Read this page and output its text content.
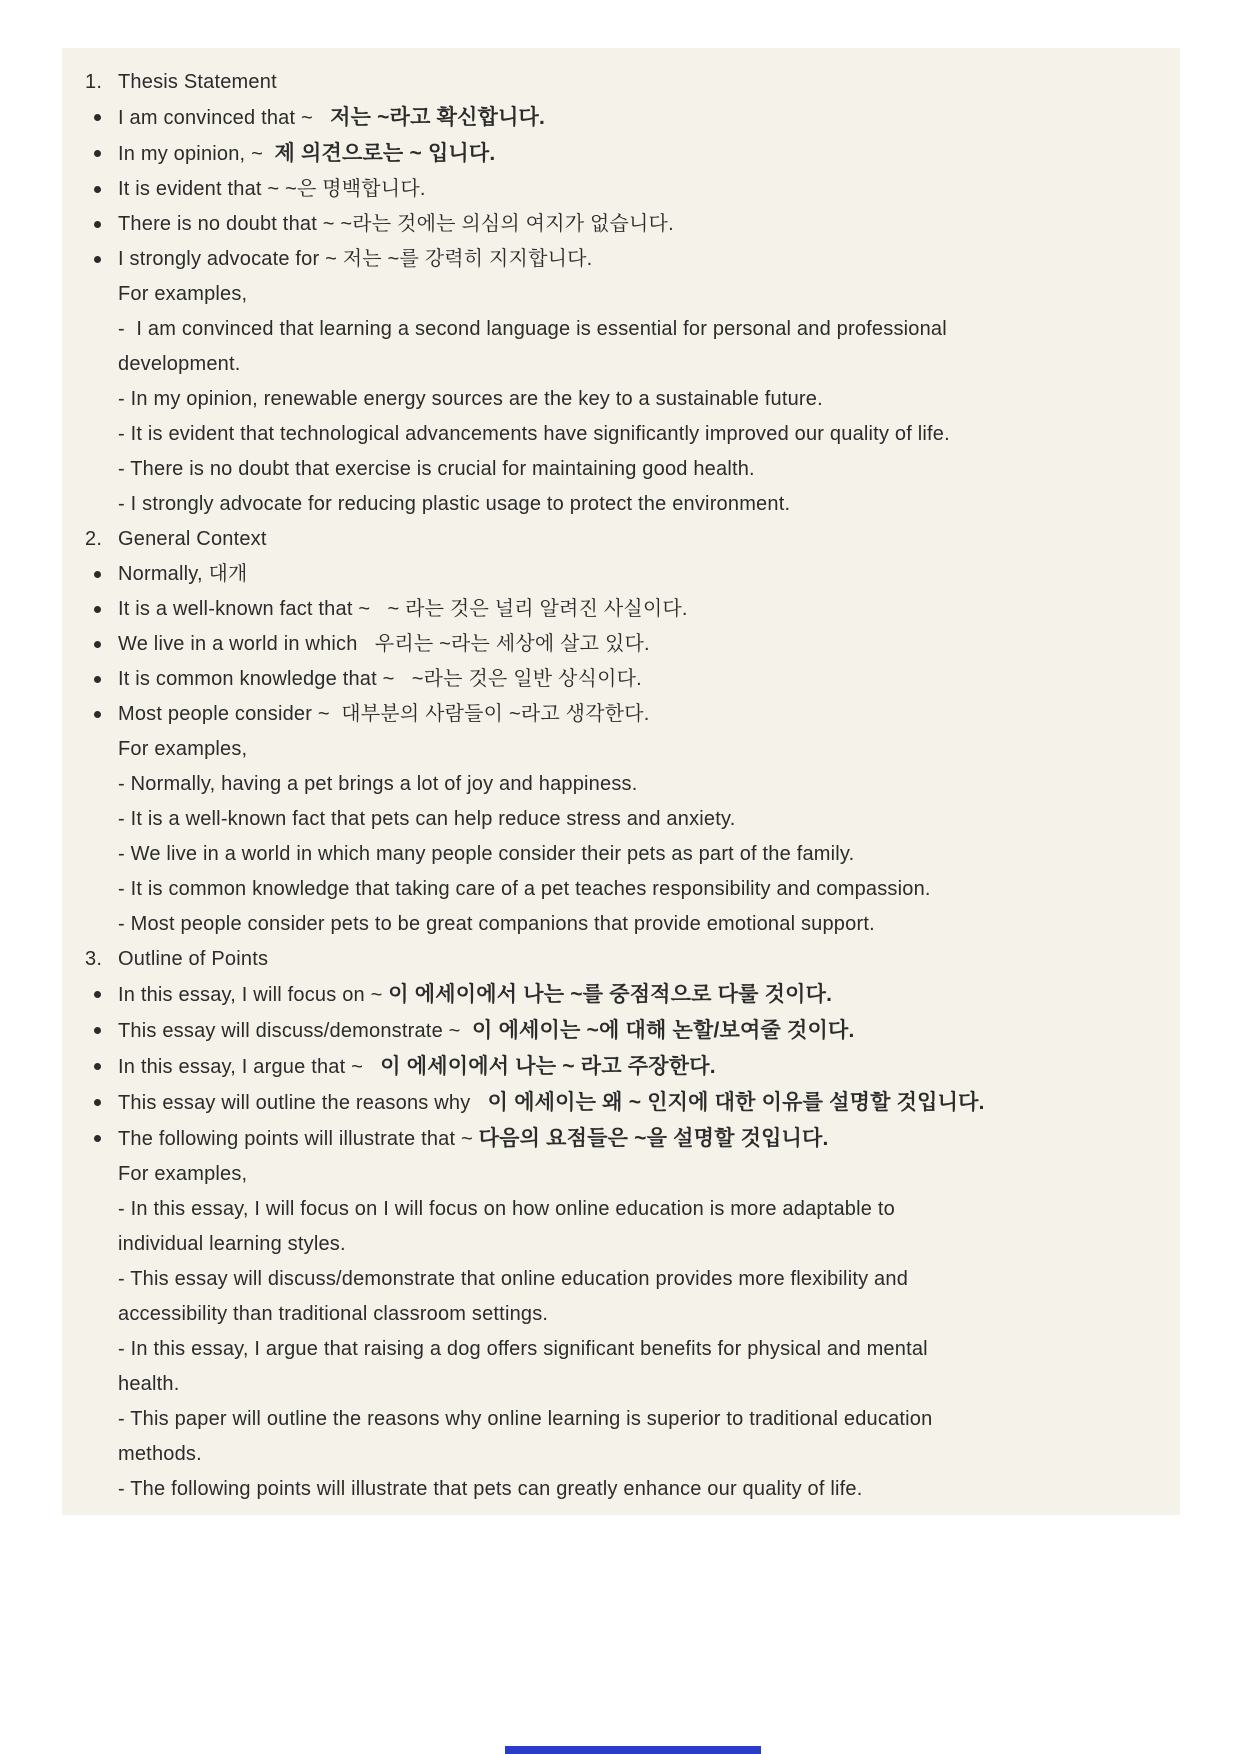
1. Thesis Statement
I am convinced that ~   저는 ~라고 확신합니다.
In my opinion, ~  제 의견으로는 ~ 입니다.
It is evident that ~ ~은 명백합니다.
There is no doubt that ~ ~라는 것에는 의심의 여지가 없습니다.
I strongly advocate for ~ 저는 ~를 강력히 지지합니다.
For examples,
-  I am convinced that learning a second language is essential for personal and professional
development.
- In my opinion, renewable energy sources are the key to a sustainable future.
- It is evident that technological advancements have significantly improved our quality of life.
- There is no doubt that exercise is crucial for maintaining good health.
- I strongly advocate for reducing plastic usage to protect the environment.
2. General Context
Normally, 대개
It is a well-known fact that ~   ~ 라는 것은 널리 알려진 사실이다.
We live in a world in which   우리는 ~라는 세상에 살고 있다.
It is common knowledge that ~   ~라는 것은 일반 상식이다.
Most people consider ~  대부분의 사람들이 ~라고 생각한다.
For examples,
- Normally, having a pet brings a lot of joy and happiness.
- It is a well-known fact that pets can help reduce stress and anxiety.
- We live in a world in which many people consider their pets as part of the family.
- It is common knowledge that taking care of a pet teaches responsibility and compassion.
- Most people consider pets to be great companions that provide emotional support.
3. Outline of Points
In this essay, I will focus on ~ 이 에세이에서 나는 ~를 중점적으로 다룰 것이다.
This essay will discuss/demonstrate ~  이 에세이는 ~에 대해 논할/보여줄 것이다.
In this essay, I argue that ~   이 에세이에서 나는 ~ 라고 주장한다.
This essay will outline the reasons why   이 에세이는 왜 ~ 인지에 대한 이유를 설명할 것입니다.
The following points will illustrate that ~ 다음의 요점들은 ~을 설명할 것입니다.
For examples,
- In this essay, I will focus on I will focus on how online education is more adaptable to
individual learning styles.
- This essay will discuss/demonstrate that online education provides more flexibility and
accessibility than traditional classroom settings.
- In this essay, I argue that raising a dog offers significant benefits for physical and mental
health.
- This paper will outline the reasons why online learning is superior to traditional education
methods.
- The following points will illustrate that pets can greatly enhance our quality of life.
